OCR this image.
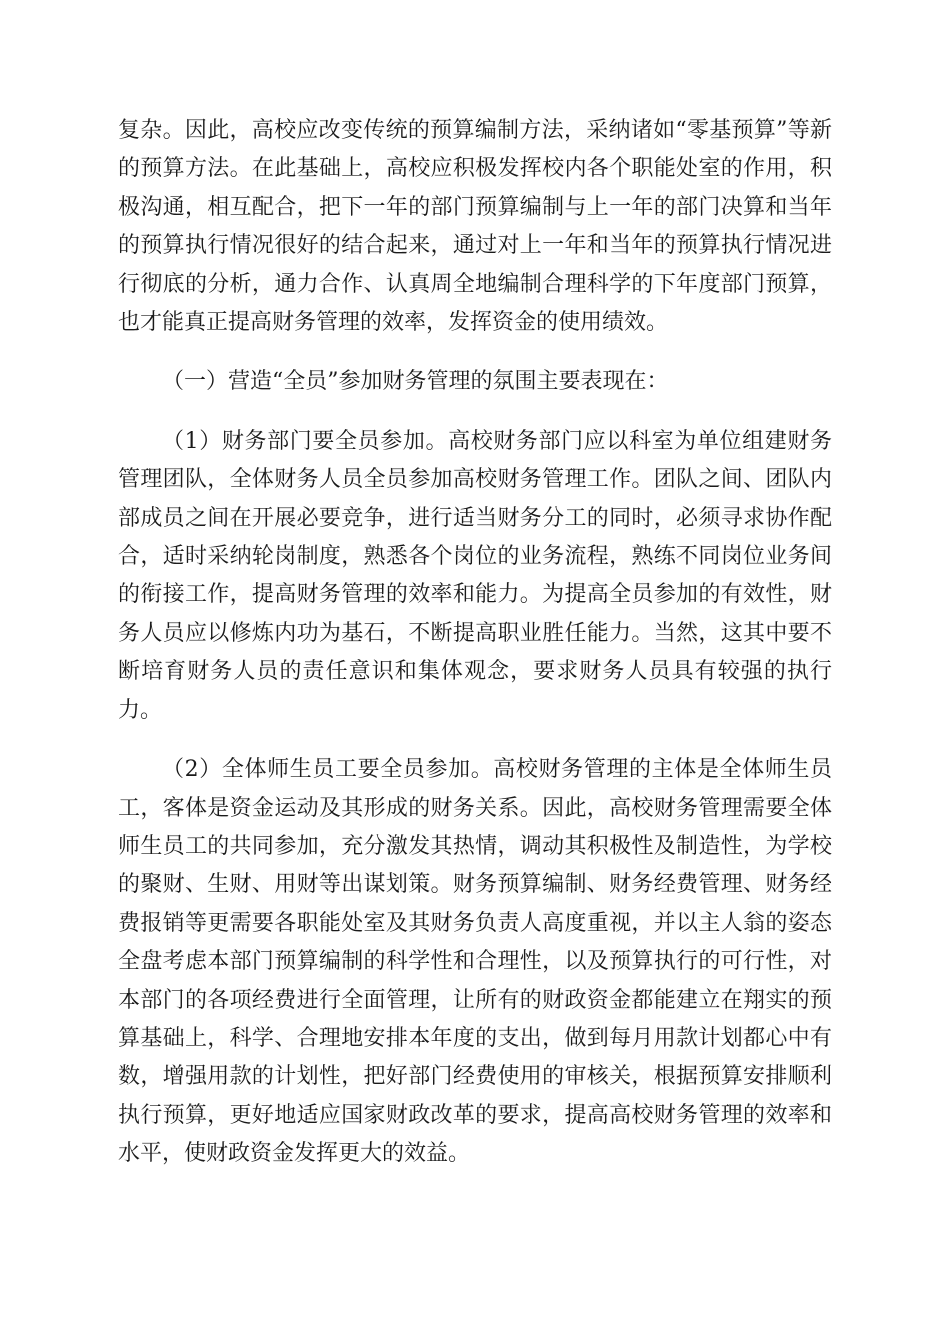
复杂。因此，高校应改变传统的预算编制方法，采纳诸如“零基预算”等新的预算方法。在此基础上，高校应积极发挥校内各个职能处室的作用，积极沟通，相互配合，把下一年的部门预算编制与上一年的部门决算和当年的预算执行情况很好的结合起来，通过对上一年和当年的预算执行情况进行彻底的分析，通力合作、认真周全地编制合理科学的下年度部门预算，也才能真正提高财务管理的效率，发挥资金的使用绩效。

（一）营造“全员”参加财务管理的氛围主要表现在：

（1）财务部门要全员参加。高校财务部门应以科室为单位组建财务管理团队，全体财务人员全员参加高校财务管理工作。团队之间、团队内部成员之间在开展必要竞争，进行适当财务分工的同时，必须寻求协作配合，适时采纳轮岗制度，熟悉各个岗位的业务流程，熟练不同岗位业务间的衔接工作，提高财务管理的效率和能力。为提高全员参加的有效性，财务人员应以修炼内功为基石，不断提高职业胜任能力。当然，这其中要不断培育财务人员的责任意识和集体观念，要求财务人员具有较强的执行力。

（2）全体师生员工要全员参加。高校财务管理的主体是全体师生员工，客体是资金运动及其形成的财务关系。因此，高校财务管理需要全体师生员工的共同参加，充分激发其热情，调动其积极性及制造性，为学校的聚财、生财、用财等出谋划策。财务预算编制、财务经费管理、财务经费报销等更需要各职能处室及其财务负责人高度重视，并以主人翁的姿态全盘考虑本部门预算编制的科学性和合理性，以及预算执行的可行性，对本部门的各项经费进行全面管理，让所有的财政资金都能建立在翔实的预算基础上，科学、合理地安排本年度的支出，做到每月用款计划都心中有数，增强用款的计划性，把好部门经费使用的审核关，根据预算安排顺利执行预算，更好地适应国家财政改革的要求，提高高校财务管理的效率和水平，使财政资金发挥更大的效益。
